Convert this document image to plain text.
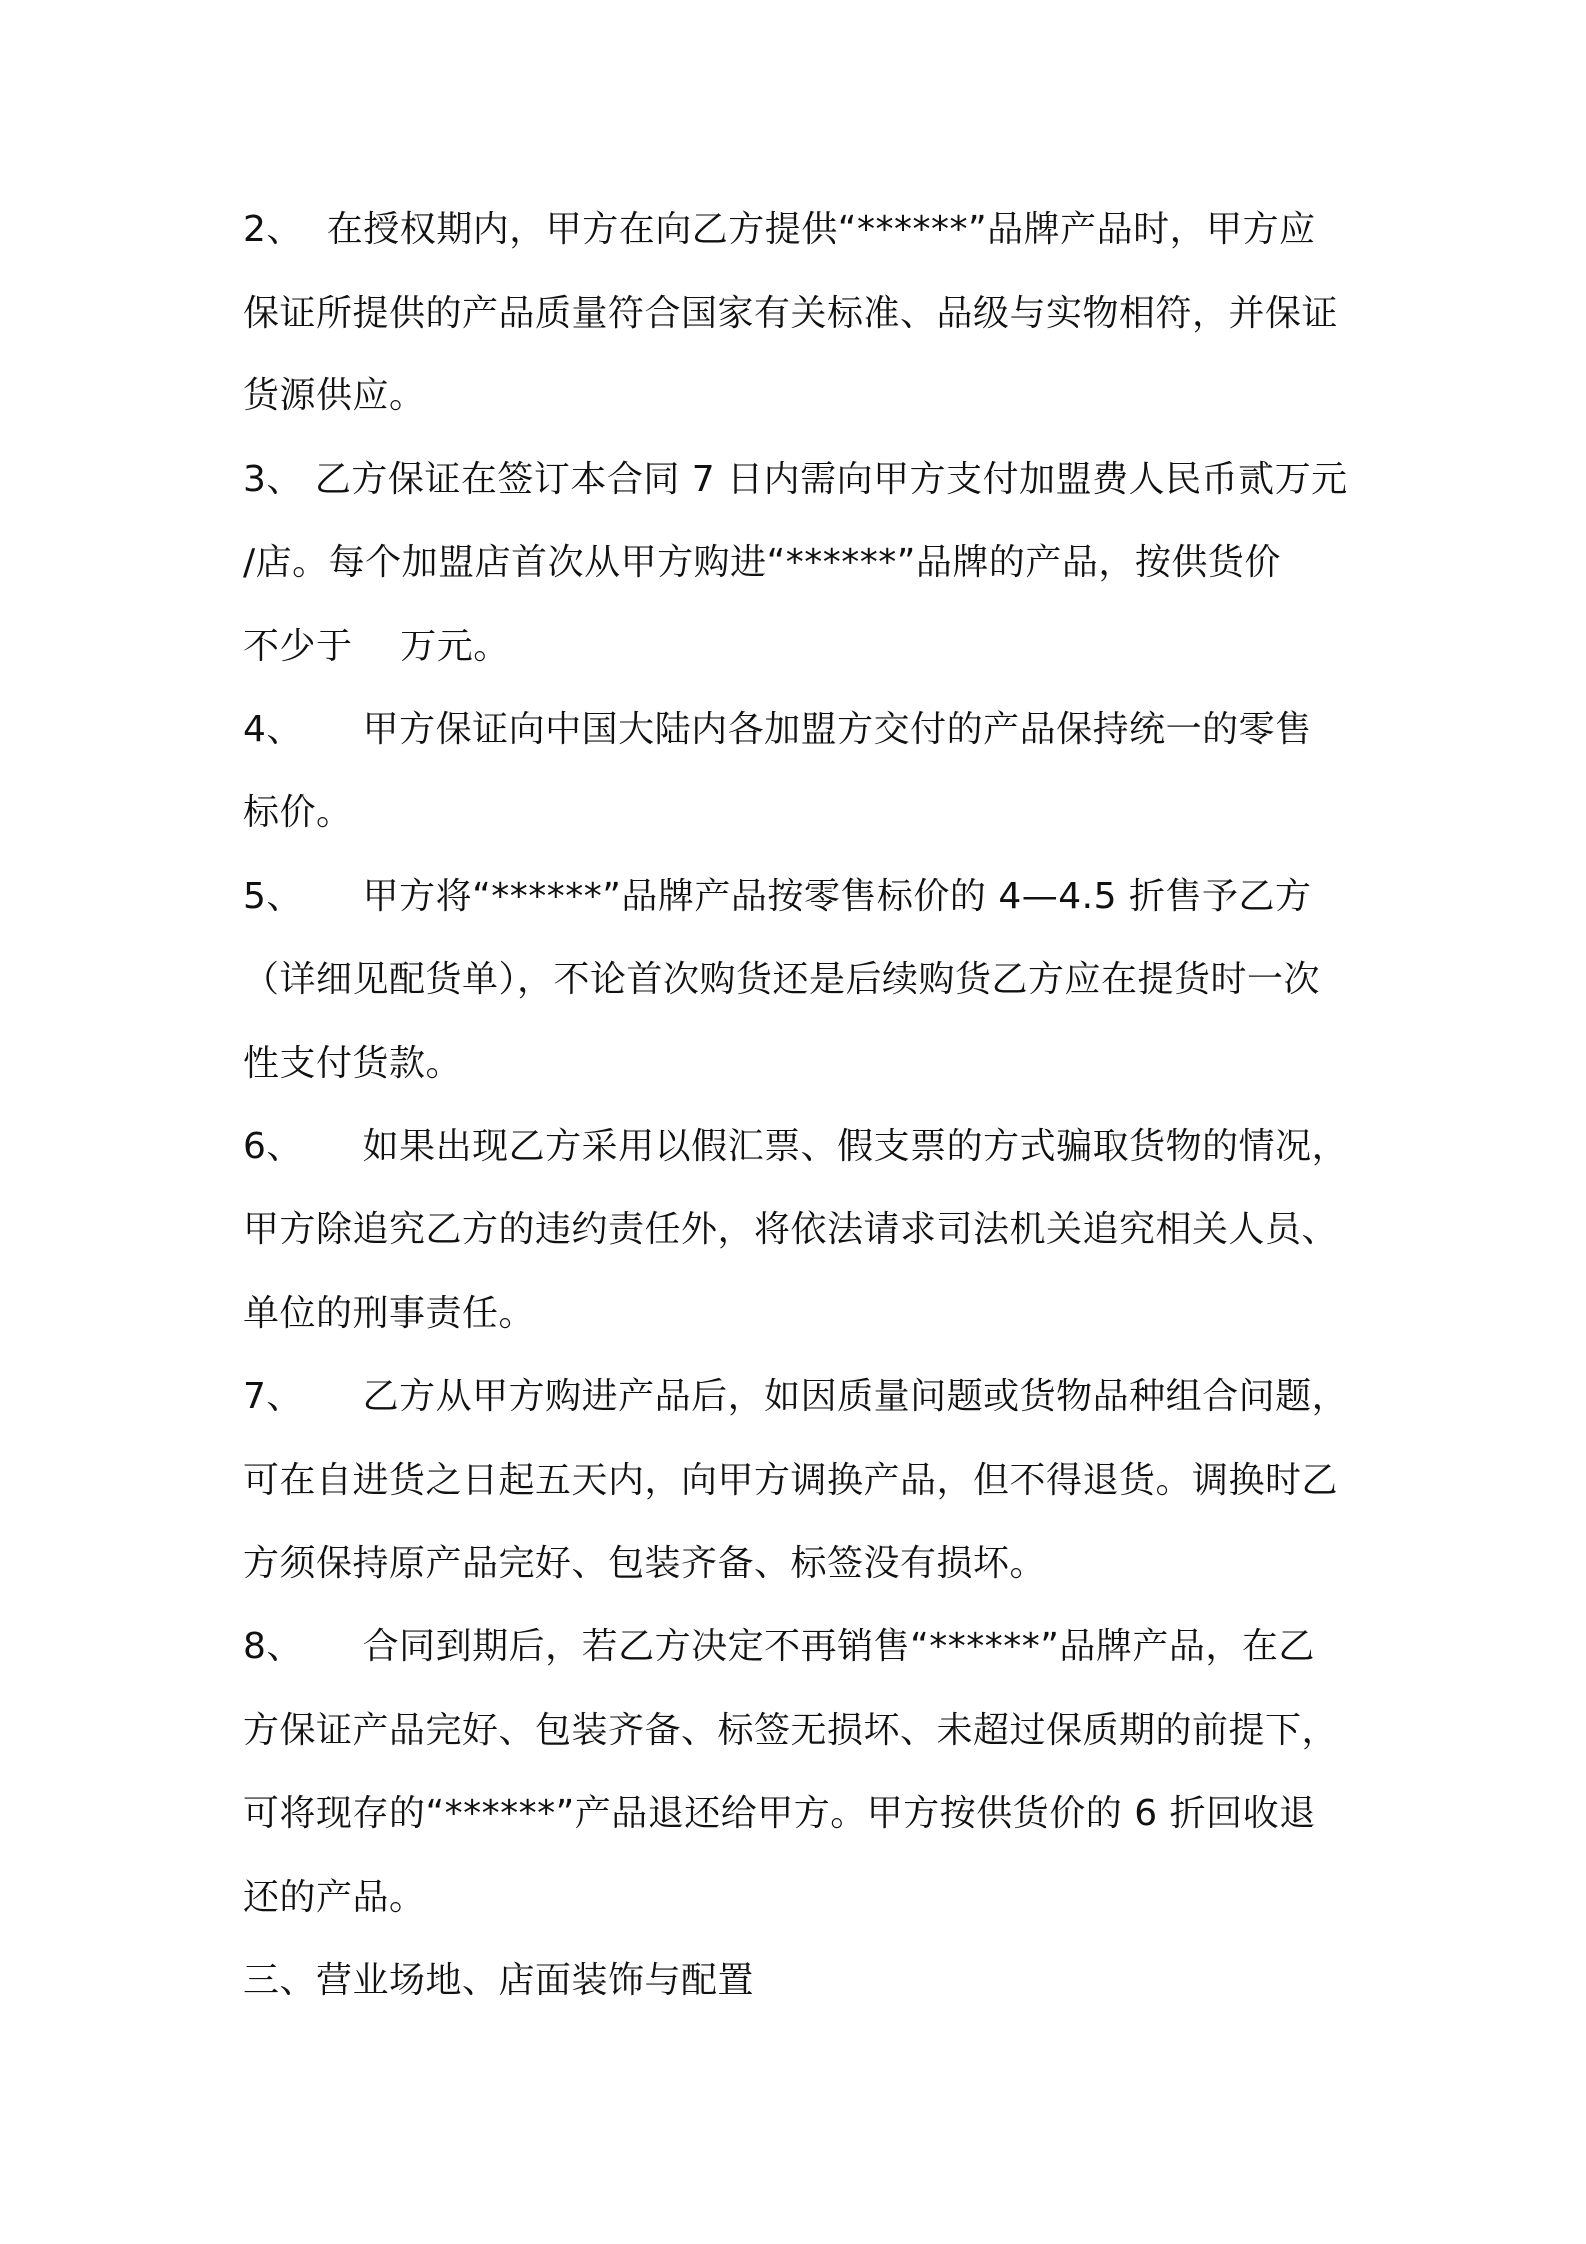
2、  在授权期内，甲方在向乙方提供“******”品牌产品时，甲方应
保证所提供的产品质量符合国家有关标准、品级与实物相符，并保证
货源供应。
3、 乙方保证在签订本合同 7 日内需向甲方支付加盟费人民币贰万元
/店。每个加盟店首次从甲方购进“******”品牌的产品，按供货价
不少于    万元。
4、     甲方保证向中国大陆内各加盟方交付的产品保持统一的零售
标价。
5、     甲方将“******”品牌产品按零售标价的 4—4.5 折售予乙方
（详细见配货单），不论首次购货还是后续购货乙方应在提货时一次
性支付货款。
6、     如果出现乙方采用以假汇票、假支票的方式骗取货物的情况，
甲方除追究乙方的违约责任外，将依法请求司法机关追究相关人员、
单位的刑事责任。
7、     乙方从甲方购进产品后，如因质量问题或货物品种组合问题，
可在自进货之日起五天内，向甲方调换产品，但不得退货。调换时乙
方须保持原产品完好、包装齐备、标签没有损坏。
8、     合同到期后，若乙方决定不再销售“******”品牌产品，在乙
方保证产品完好、包装齐备、标签无损坏、未超过保质期的前提下，
可将现存的“******”产品退还给甲方。甲方按供货价的 6 折回收退
还的产品。
三、营业场地、店面装饰与配置
